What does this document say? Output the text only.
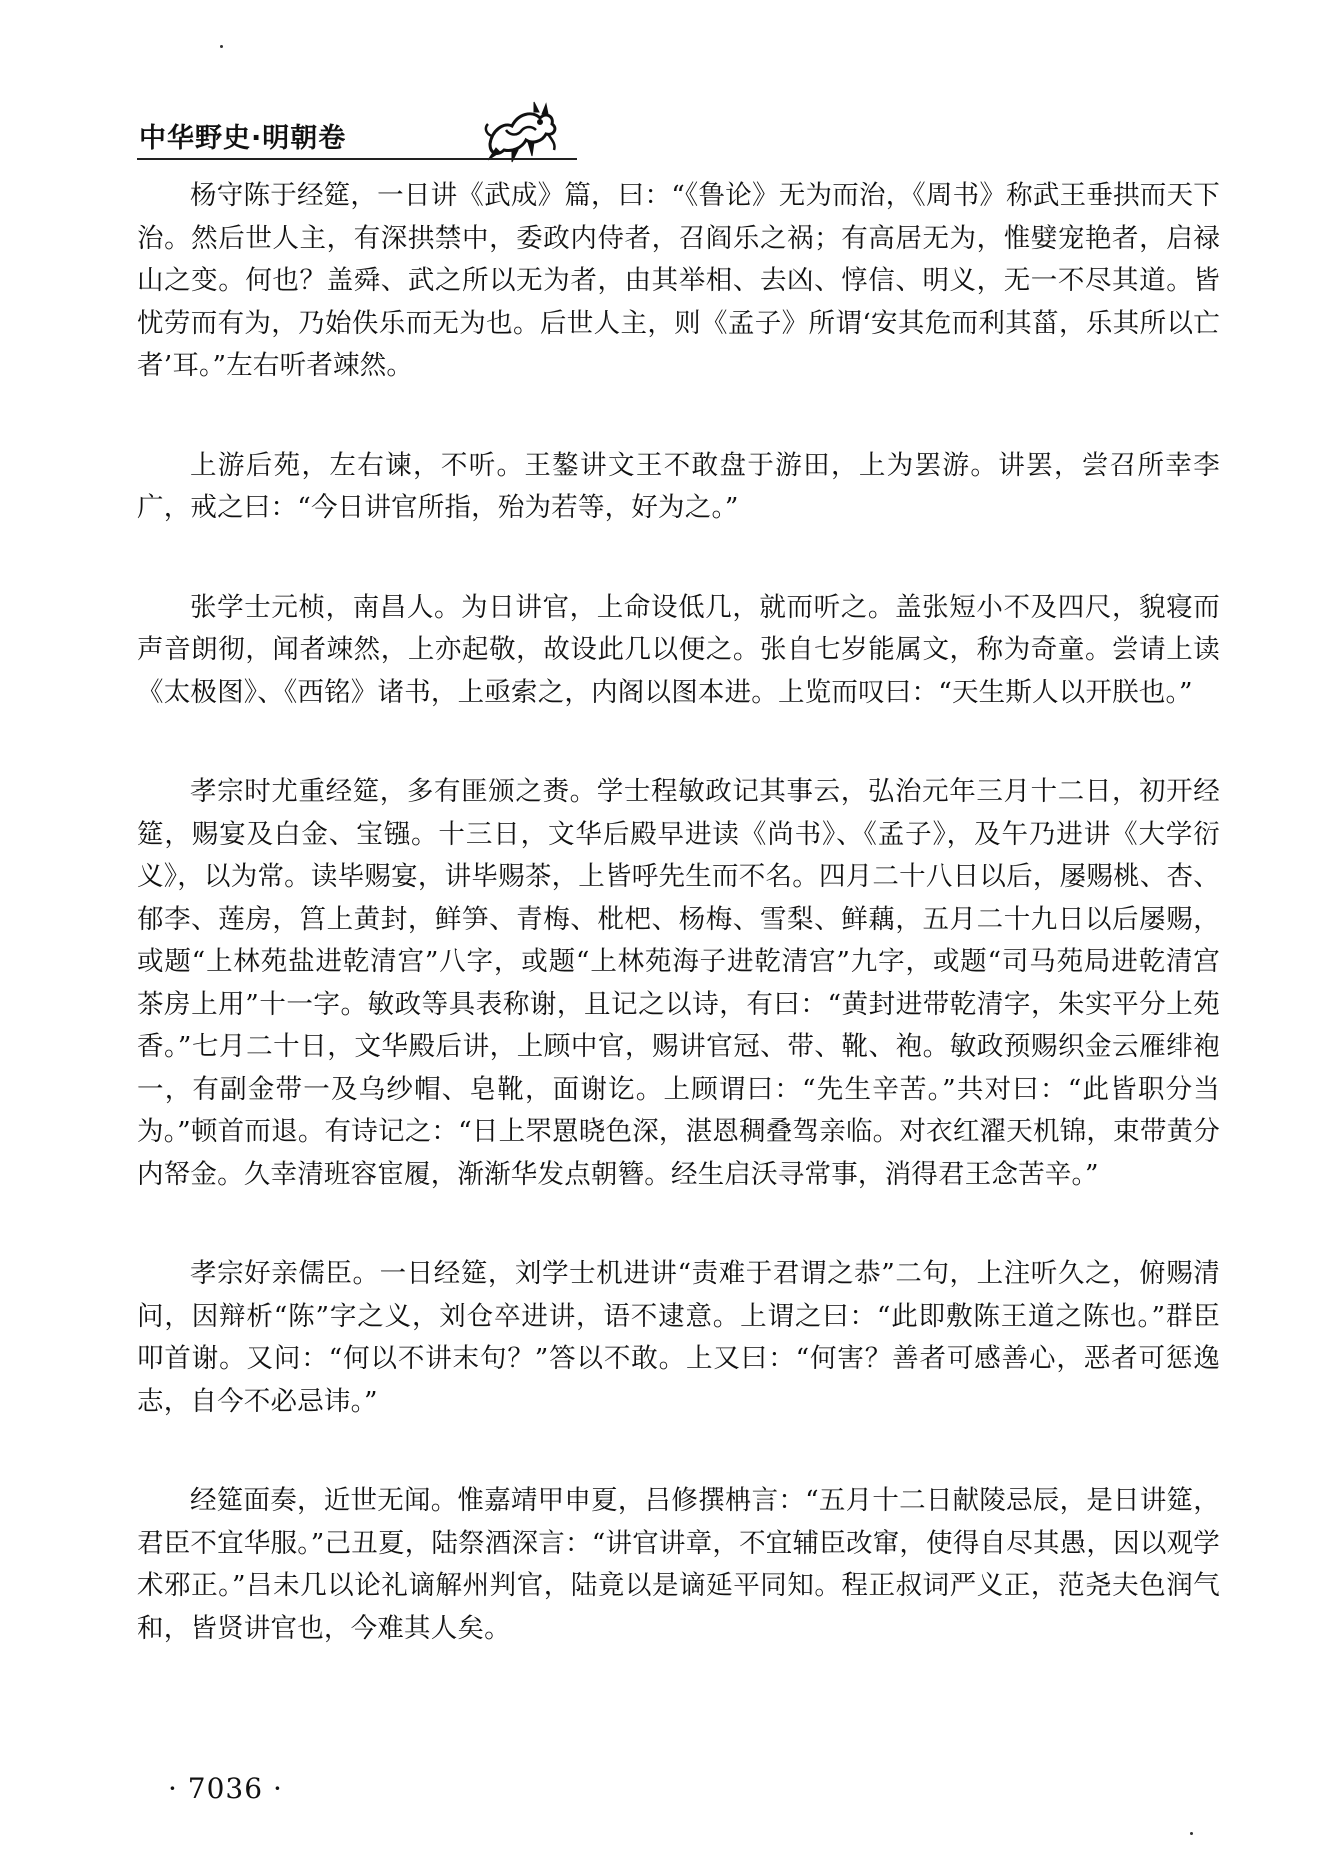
中华野史·明朝卷

杨守陈于经筵，一日讲《武成》篇，曰：“《鲁论》无为而治，《周书》称武王垂拱而天下治。然后世人主，有深拱禁中，委政内侍者，召阎乐之祸；有高居无为，惟嬖宠艳者，启禄山之变。何也？盖舜、武之所以无为者，由其举相、去凶、惇信、明义，无一不尽其道。皆忧劳而有为，乃始佚乐而无为也。后世人主，则《孟子》所谓‘安其危而利其菑，乐其所以亡者’耳。”左右听者竦然。

上游后苑，左右谏，不听。王鏊讲文王不敢盘于游田，上为罢游。讲罢，尝召所幸李广，戒之曰：“今日讲官所指，殆为若等，好为之。”

张学士元桢，南昌人。为日讲官，上命设低几，就而听之。盖张短小不及四尺，貌寝而声音朗彻，闻者竦然，上亦起敬，故设此几以便之。张自七岁能属文，称为奇童。尝请上读《太极图》、《西铭》诸书，上亟索之，内阁以图本进。上览而叹曰：“天生斯人以开朕也。”

孝宗时尤重经筵，多有匪颁之赉。学士程敏政记其事云，弘治元年三月十二日，初开经筵，赐宴及白金、宝镪。十三日，文华后殿早进读《尚书》、《孟子》，及午乃进讲《大学衍义》，以为常。读毕赐宴，讲毕赐茶，上皆呼先生而不名。四月二十八日以后，屡赐桃、杏、郁李、莲房，筥上黄封，鲜笋、青梅、枇杷、杨梅、雪梨、鲜藕，五月二十九日以后屡赐，或题“上林苑盐进乾清宫”八字，或题“上林苑海子进乾清宫”九字，或题“司马苑局进乾清宫茶房上用”十一字。敏政等具表称谢，且记之以诗，有曰：“黄封进带乾清字，朱实平分上苑香。”七月二十日，文华殿后讲，上顾中官，赐讲官冠、带、靴、袍。敏政预赐织金云雁绯袍一，有副金带一及乌纱帽、皂靴，面谢讫。上顾谓曰：“先生辛苦。”共对曰：“此皆职分当为。”顿首而退。有诗记之：“日上罘罳晓色深，湛恩稠叠驾亲临。对衣红濯天机锦，束带黄分内帑金。久幸清班容宦履，渐渐华发点朝簪。经生启沃寻常事，消得君王念苦辛。”

孝宗好亲儒臣。一日经筵，刘学士机进讲“责难于君谓之恭”二句，上注听久之，俯赐清问，因辩析“陈”字之义，刘仓卒进讲，语不逮意。上谓之曰：“此即敷陈王道之陈也。”群臣叩首谢。又问：“何以不讲末句？”答以不敢。上又曰：“何害？善者可感善心，恶者可惩逸志，自今不必忌讳。”

经筵面奏，近世无闻。惟嘉靖甲申夏，吕修撰柟言：“五月十二日献陵忌辰，是日讲筵，君臣不宜华服。”己丑夏，陆祭酒深言：“讲官讲章，不宜辅臣改窜，使得自尽其愚，因以观学术邪正。”吕未几以论礼谪解州判官，陆竟以是谪延平同知。程正叔词严义正，范尧夫色润气和，皆贤讲官也，今难其人矣。

· 7036 ·
